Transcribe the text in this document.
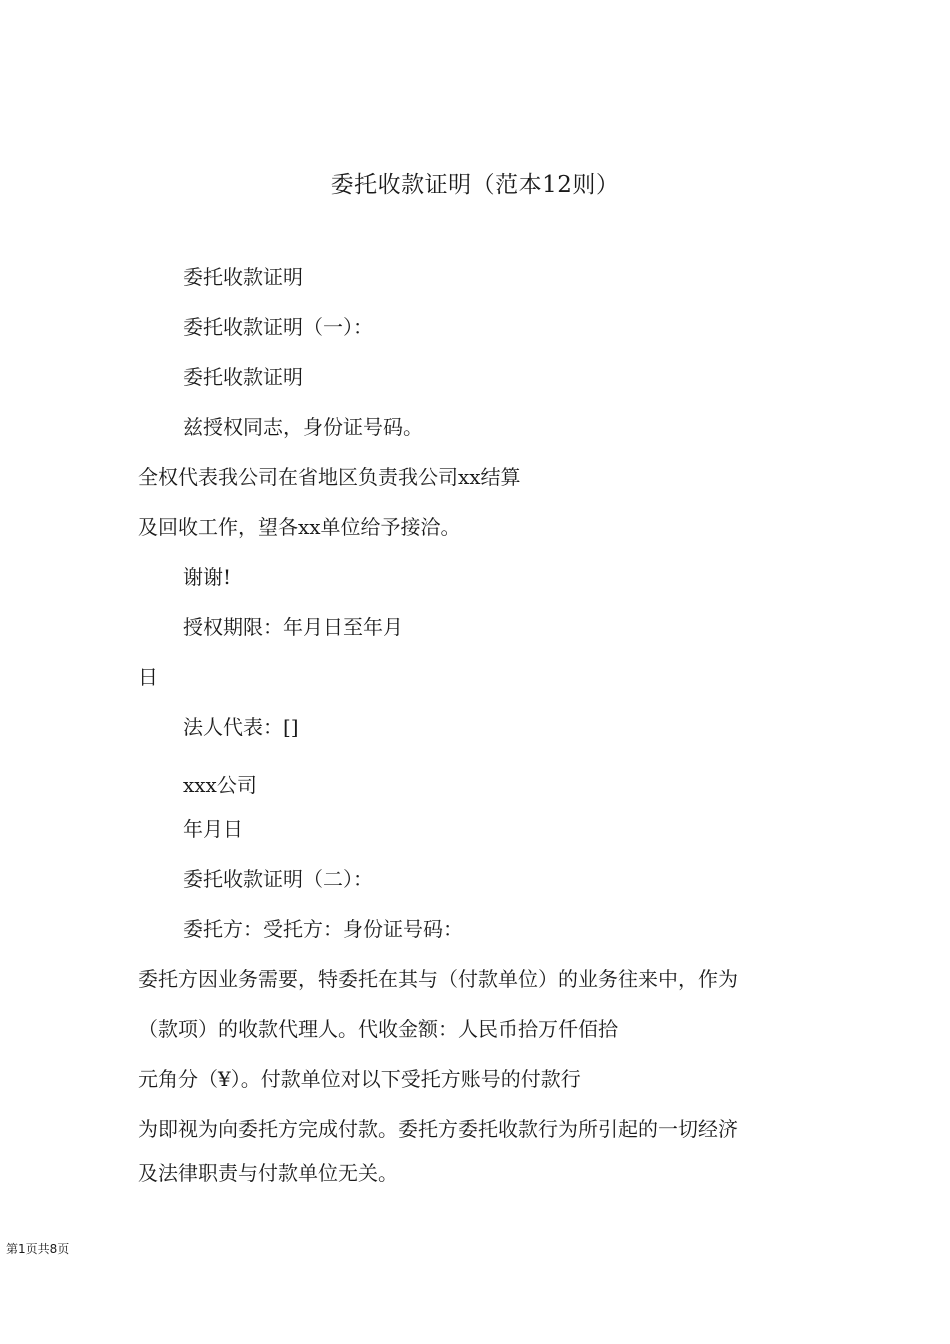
委托收款证明（范本12则）
委托收款证明
委托收款证明（一）：
委托收款证明
兹授权同志，身份证号码。
全权代表我公司在省地区负责我公司xx结算
及回收工作，望各xx单位给予接洽。
谢谢!
授权期限：年月日至年月
日
法人代表：[]
xxx公司
年月日
委托收款证明（二）：
委托方：受托方：身份证号码：
委托方因业务需要，特委托在其与（付款单位）的业务往来中，作为
（款项）的收款代理人。代收金额：人民币拾万仟佰拾
元角分（¥）。付款单位对以下受托方账号的付款行
为即视为向委托方完成付款。委托方委托收款行为所引起的一切经济
及法律职责与付款单位无关。
第1页共8页
